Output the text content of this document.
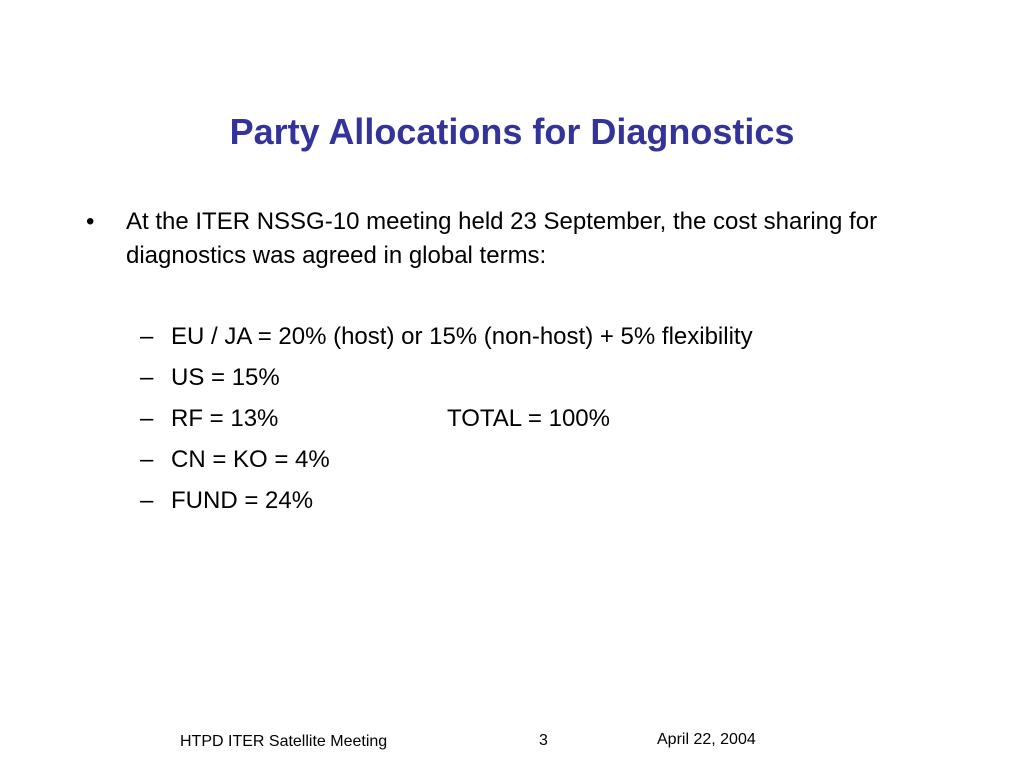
Party Allocations for Diagnostics
• At the ITER NSSG-10 meeting held 23 September, the cost sharing for diagnostics was agreed in global terms:
– EU / JA = 20% (host) or 15% (non-host) + 5% flexibility
– US = 15%
– RF = 13%	TOTAL = 100%
– CN = KO = 4%
– FUND = 24%
HTPD ITER Satellite Meeting	3	April 22, 2004
